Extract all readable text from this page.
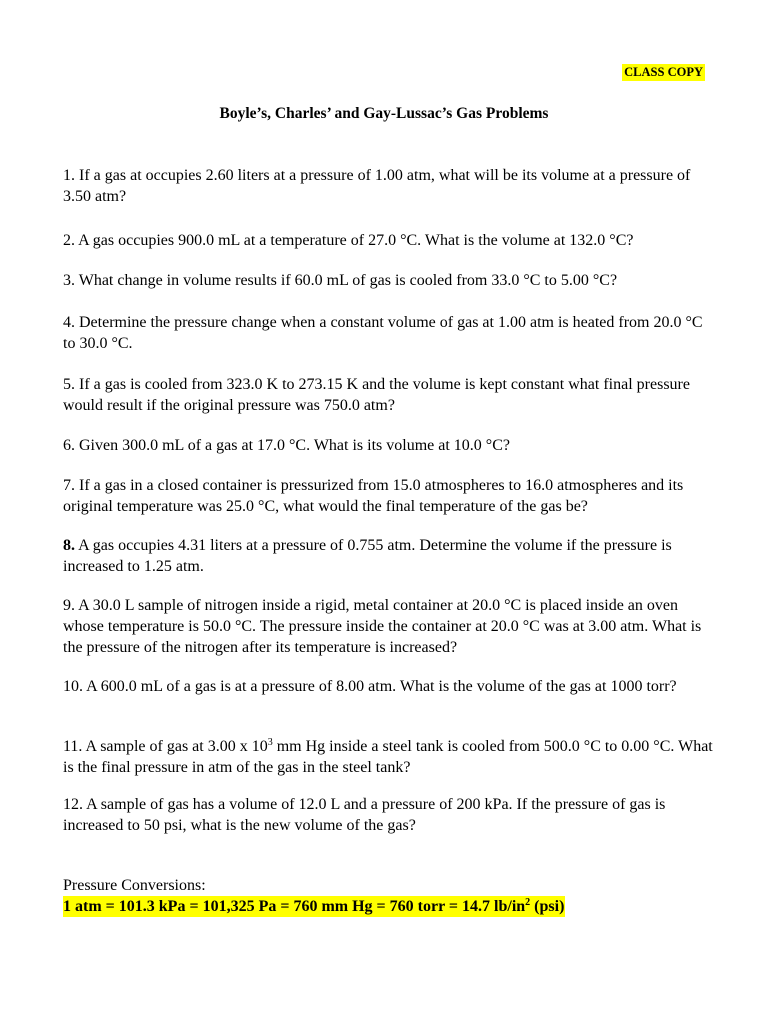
CLASS COPY
Boyle’s, Charles’ and Gay-Lussac’s Gas Problems
1. If a gas at occupies 2.60 liters at a pressure of 1.00 atm, what will be its volume at a pressure of 3.50 atm?
2. A gas occupies 900.0 mL at a temperature of 27.0 °C. What is the volume at 132.0 °C?
3. What change in volume results if 60.0 mL of gas is cooled from 33.0 °C to 5.00 °C?
4. Determine the pressure change when a constant volume of gas at 1.00 atm is heated from 20.0 °C to 30.0 °C.
5. If a gas is cooled from 323.0 K to 273.15 K and the volume is kept constant what final pressure would result if the original pressure was 750.0 atm?
6. Given 300.0 mL of a gas at 17.0 °C. What is its volume at 10.0 °C?
7. If a gas in a closed container is pressurized from 15.0 atmospheres to 16.0 atmospheres and its original temperature was 25.0 °C, what would the final temperature of the gas be?
8. A gas occupies 4.31 liters at a pressure of 0.755 atm. Determine the volume if the pressure is increased to 1.25 atm.
9. A 30.0 L sample of nitrogen inside a rigid, metal container at 20.0 °C is placed inside an oven whose temperature is 50.0 °C. The pressure inside the container at 20.0 °C was at 3.00 atm. What is the pressure of the nitrogen after its temperature is increased?
10. A 600.0 mL of a gas is at a pressure of 8.00 atm. What is the volume of the gas at 1000 torr?
11. A sample of gas at 3.00 x $10^3$ mm Hg inside a steel tank is cooled from 500.0 °C to 0.00 °C. What is the final pressure in atm of the gas in the steel tank?
12. A sample of gas has a volume of 12.0 L and a pressure of 200 kPa. If the pressure of gas is increased to 50 psi, what is the new volume of the gas?
Pressure Conversions:
1 atm = 101.3 kPa = 101,325 Pa = 760 mm Hg = 760 torr = 14.7 $lb/in^2$ (psi)
